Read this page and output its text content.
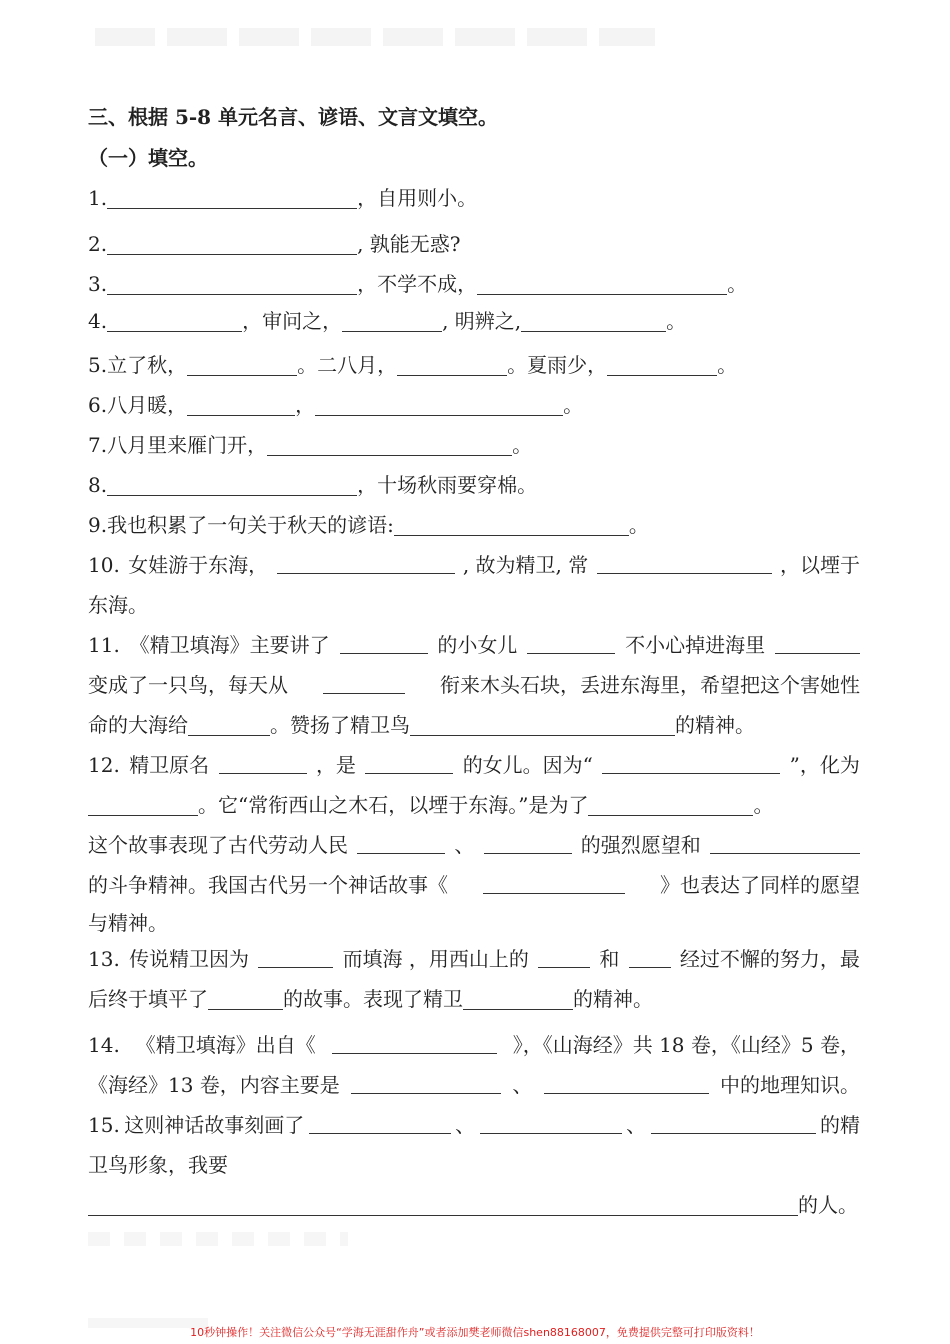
三、根据 5-8 单元名言、谚语、文言文填空。
（一）填空。
1.	，自用则小。
2.	, 孰能无惑?
3.	，不学不成，	。
4.	，审问之，	, 明辨之,	。
5.立了秋，	。二八月，	。夏雨少，	。
6.八月暖，	，	。
7.八月里来雁门开，	。
8.	，十场秋雨要穿棉。
9.我也积累了一句关于秋天的谚语:	。
10. 女娃游于东海，	, 故为精卫, 常	，以堙于
东海。
11. 《精卫填海》主要讲了	的小女儿	不小心掉进海里
变成了一只鸟，每天从	衔来木头石块，丢进东海里，希望把这个害她性
命的大海给	。赞扬了精卫鸟	的精神。
12. 精卫原名	，是	的女儿。因为“	”，化为
。它“常衔西山之木石，以堙于东海。”是为了	。
这个故事表现了古代劳动人民	、	的强烈愿望和
的斗争精神。我国古代另一个神话故事《	》也表达了同样的愿望
与精神。
13. 传说精卫因为	而填海 ，用西山上的	和	经过不懈的努力，最
后终于填平了	的故事。表现了精卫	的精神。
14. 《精卫填海》出自《	》，《山海经》共 18 卷，《山经》5 卷，
《海经》13 卷，内容主要是	、	中的地理知识。
15. 这则神话故事刻画了	、	、	的精
卫鸟形象，我要
的人。
10秒钟操作！关注微信公众号“学海无涯甜作舟”或者添加樊老师微信shen88168007，免费提供完整可打印版资料！
